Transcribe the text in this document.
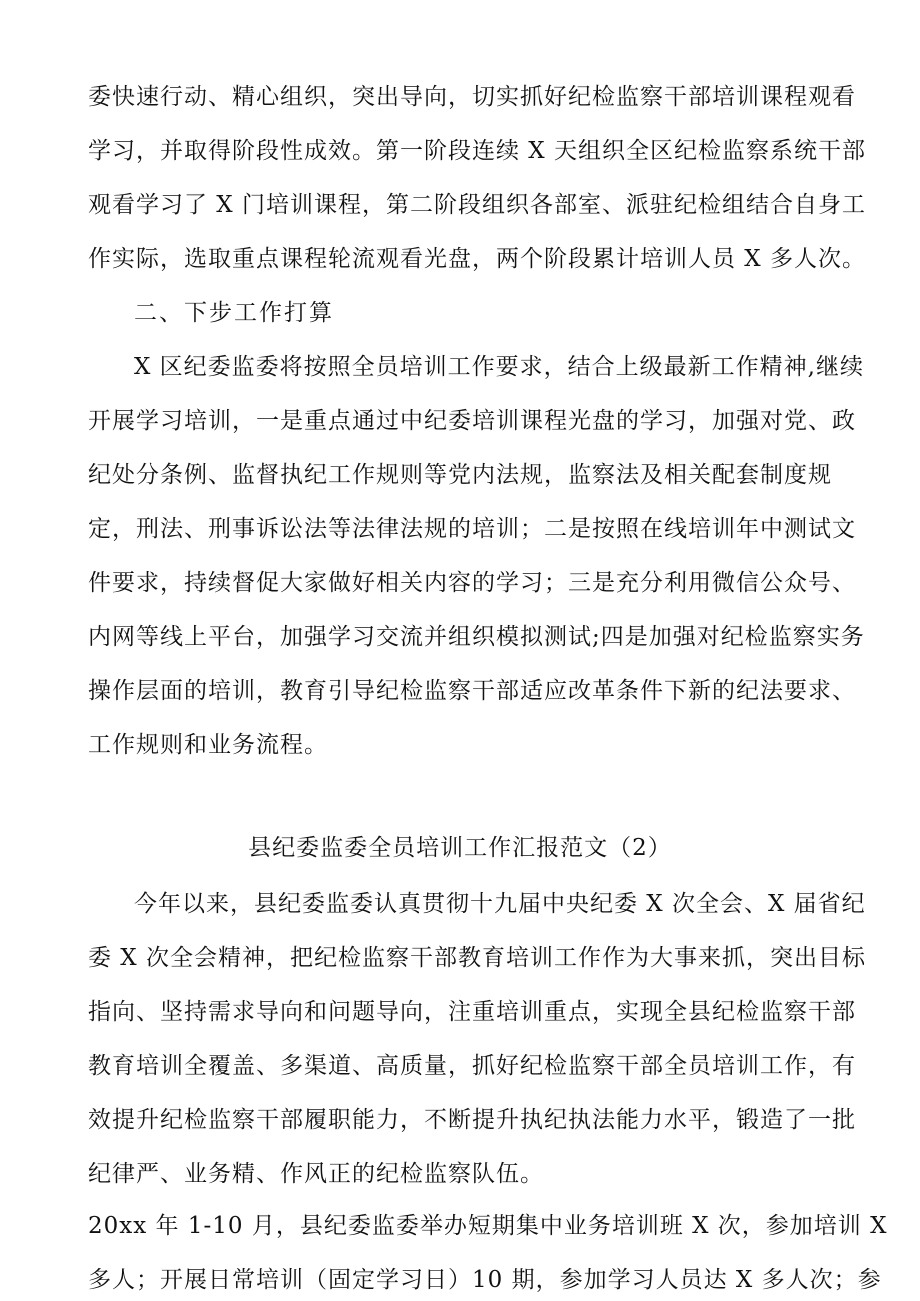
委快速行动、精心组织，突出导向，切实抓好纪检监察干部培训课程观看
学习，并取得阶段性成效。第一阶段连续 X 天组织全区纪检监察系统干部
观看学习了 X 门培训课程，第二阶段组织各部室、派驻纪检组结合自身工
作实际，选取重点课程轮流观看光盘，两个阶段累计培训人员 X 多人次。
二、下步工作打算
X 区纪委监委将按照全员培训工作要求，结合上级最新工作精神,继续
开展学习培训，一是重点通过中纪委培训课程光盘的学习，加强对党、政
纪处分条例、监督执纪工作规则等党内法规，监察法及相关配套制度规
定，刑法、刑事诉讼法等法律法规的培训；二是按照在线培训年中测试文
件要求，持续督促大家做好相关内容的学习；三是充分利用微信公众号、
内网等线上平台，加强学习交流并组织模拟测试;四是加强对纪检监察实务
操作层面的培训，教育引导纪检监察干部适应改革条件下新的纪法要求、
工作规则和业务流程。
县纪委监委全员培训工作汇报范文（2）
今年以来，县纪委监委认真贯彻十九届中央纪委 X 次全会、X 届省纪
委 X 次全会精神，把纪检监察干部教育培训工作作为大事来抓，突出目标
指向、坚持需求导向和问题导向，注重培训重点，实现全县纪检监察干部
教育培训全覆盖、多渠道、高质量，抓好纪检监察干部全员培训工作，有
效提升纪检监察干部履职能力，不断提升执纪执法能力水平，锻造了一批
纪律严、业务精、作风正的纪检监察队伍。
20xx 年 1-10 月，县纪委监委举办短期集中业务培训班 X 次，参加培训 X
多人；开展日常培训（固定学习日）10 期，参加学习人员达 X 多人次；参
